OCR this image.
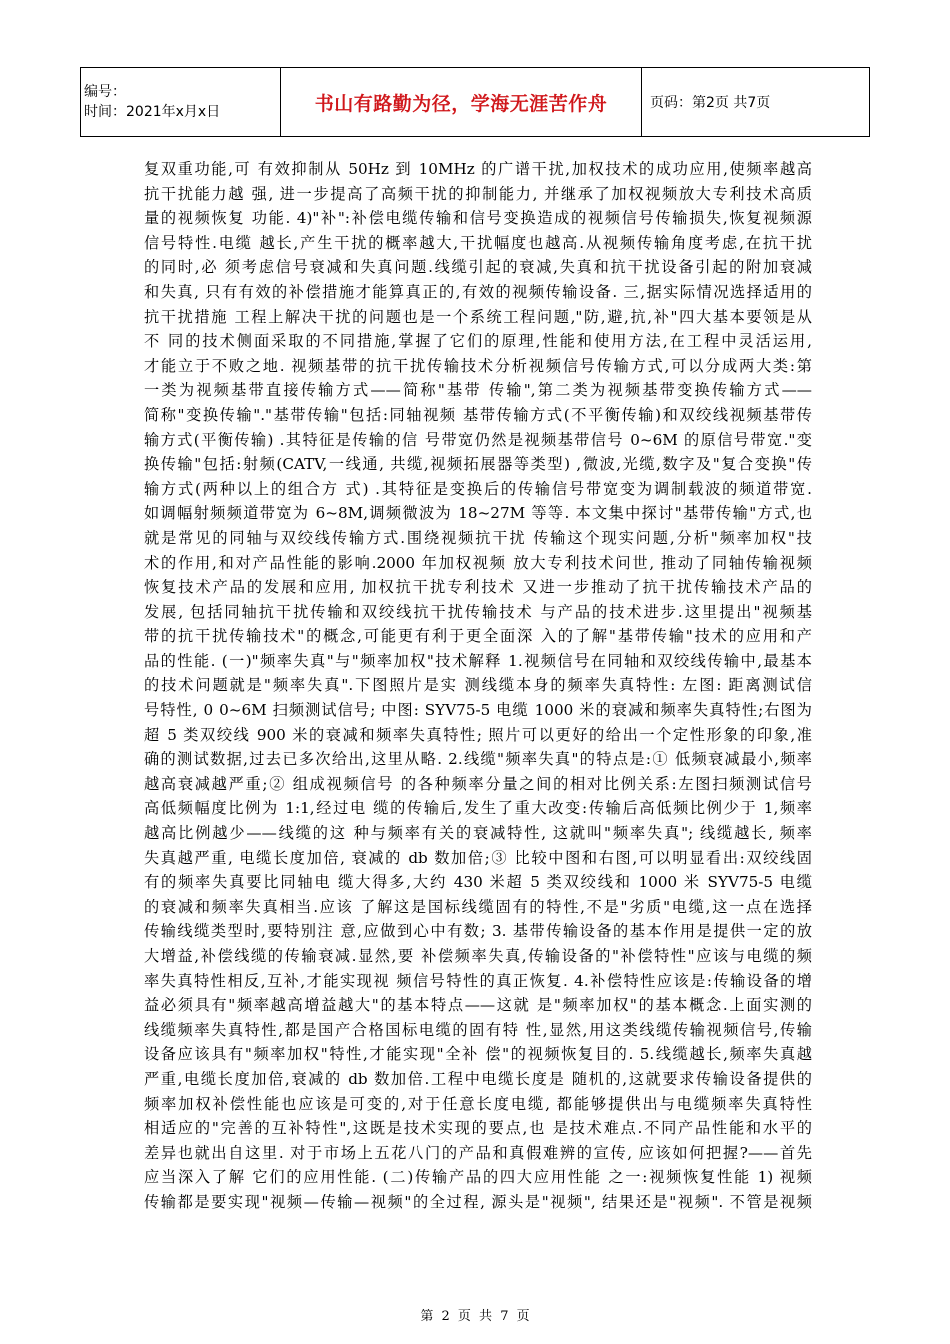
编号：
时间：2021年x月x日	书山有路勤为径，学海无涯苦作舟	页码：第2页 共7页
复双重功能,可 有效抑制从 50Hz 到 10MHz 的广谱干扰,加权技术的成功应用,使频率越高
抗干扰能力越 强, 进一步提高了高频干扰的抑制能力, 并继承了加权视频放大专利技术高质
量的视频恢复 功能. 4)"补":补偿电缆传输和信号变换造成的视频信号传输损失,恢复视频源
信号特性.电缆 越长,产生干扰的概率越大,干扰幅度也越高.从视频传输角度考虑,在抗干扰
的同时,必 须考虑信号衰减和失真问题.线缆引起的衰减,失真和抗干扰设备引起的附加衰减
和失真, 只有有效的补偿措施才能算真正的,有效的视频传输设备. 三,据实际情况选择适用的
抗干扰措施 工程上解决干扰的问题也是一个系统工程问题,"防,避,抗,补"四大基本要领是从
不 同的技术侧面采取的不同措施,掌握了它们的原理,性能和使用方法,在工程中灵活运用,
才能立于不败之地. 视频基带的抗干扰传输技术分析视频信号传输方式,可以分成两大类:第
一类为视频基带直接传输方式——简称"基带 传输",第二类为视频基带变换传输方式——
简称"变换传输"."基带传输"包括:同轴视频 基带传输方式(不平衡传输)和双绞线视频基带传
输方式(平衡传输) .其特征是传输的信 号带宽仍然是视频基带信号 0~6M 的原信号带宽."变
换传输"包括:射频(CATV,一线通, 共缆,视频拓展器等类型) ,微波,光缆,数字及"复合变换"传
输方式(两种以上的组合方 式) .其特征是变换后的传输信号带宽变为调制载波的频道带宽.
如调幅射频频道带宽为 6~8M,调频微波为 18~27M 等等. 本文集中探讨"基带传输"方式,也
就是常见的同轴与双绞线传输方式.围绕视频抗干扰 传输这个现实问题,分析"频率加权"技
术的作用,和对产品性能的影响.2000 年加权视频 放大专利技术问世, 推动了同轴传输视频
恢复技术产品的发展和应用, 加权抗干扰专利技术 又进一步推动了抗干扰传输技术产品的
发展, 包括同轴抗干扰传输和双绞线抗干扰传输技术 与产品的技术进步.这里提出"视频基
带的抗干扰传输技术"的概念,可能更有利于更全面深 入的了解"基带传输"技术的应用和产
品的性能. (一)"频率失真"与"频率加权"技术解释 1.视频信号在同轴和双绞线传输中,最基本
的技术问题就是"频率失真".下图照片是实 测线缆本身的频率失真特性: 左图: 距离测试信
号特性, 0 0~6M 扫频测试信号; 中图: SYV75-5 电缆 1000 米的衰减和频率失真特性;右图为
超 5 类双绞线 900 米的衰减和频率失真特性; 照片可以更好的给出一个定性形象的印象,准
确的测试数据,过去已多次给出,这里从略. 2.线缆"频率失真"的特点是:① 低频衰减最小,频率
越高衰减越严重;② 组成视频信号 的各种频率分量之间的相对比例关系:左图扫频测试信号
高低频幅度比例为 1:1,经过电 缆的传输后,发生了重大改变:传输后高低频比例少于 1,频率
越高比例越少——线缆的这 种与频率有关的衰减特性, 这就叫"频率失真"; 线缆越长, 频率
失真越严重, 电缆长度加倍, 衰减的 db 数加倍;③ 比较中图和右图,可以明显看出:双绞线固
有的频率失真要比同轴电 缆大得多,大约 430 米超 5 类双绞线和 1000 米 SYV75-5 电缆
的衰减和频率失真相当.应该 了解这是国标线缆固有的特性,不是"劣质"电缆,这一点在选择
传输线缆类型时,要特别注 意,应做到心中有数; 3. 基带传输设备的基本作用是提供一定的放
大增益,补偿线缆的传输衰减.显然,要 补偿频率失真,传输设备的"补偿特性"应该与电缆的频
率失真特性相反,互补,才能实现视 频信号特性的真正恢复. 4.补偿特性应该是:传输设备的增
益必须具有"频率越高增益越大"的基本特点——这就 是"频率加权"的基本概念.上面实测的
线缆频率失真特性,都是国产合格国标电缆的固有特 性,显然,用这类线缆传输视频信号,传输
设备应该具有"频率加权"特性,才能实现"全补 偿"的视频恢复目的. 5.线缆越长,频率失真越
严重,电缆长度加倍,衰减的 db 数加倍.工程中电缆长度是 随机的,这就要求传输设备提供的
频率加权补偿性能也应该是可变的,对于任意长度电缆, 都能够提供出与电缆频率失真特性
相适应的"完善的互补特性",这既是技术实现的要点,也 是技术难点.不同产品性能和水平的
差异也就出自这里. 对于市场上五花八门的产品和真假难辨的宣传, 应该如何把握?——首先
应当深入了解 它们的应用性能. (二)传输产品的四大应用性能 之一:视频恢复性能 1) 视频
传输都是要实现"视频—传输—视频"的全过程, 源头是"视频", 结果还是"视频". 不管是视频
第 2 页 共 7 页
